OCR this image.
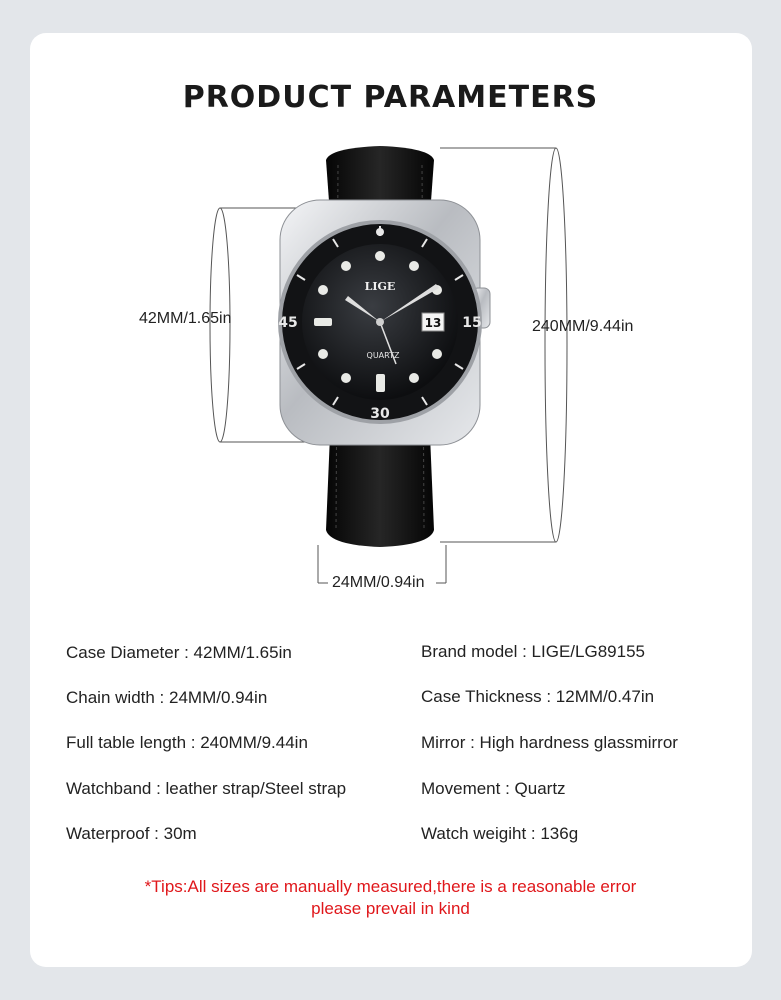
PRODUCT PARAMETERS
45	15
30
13
LIGE
QUARTZ
42MM/1.65in	240MM/9.44in
24MM/0.94in
Case Diameter : 42MM/1.65in
Chain width : 24MM/0.94in
Full table length : 240MM/9.44in
Watchband : leather strap/Steel strap
Waterproof : 30m
Brand model : LIGE/LG89155
Case Thickness : 12MM/0.47in
Mirror : High hardness glassmirror
Movement : Quartz
Watch weigiht : 136g
*Tips:All sizes are manually measured,there is a reasonable error
please prevail in kind
